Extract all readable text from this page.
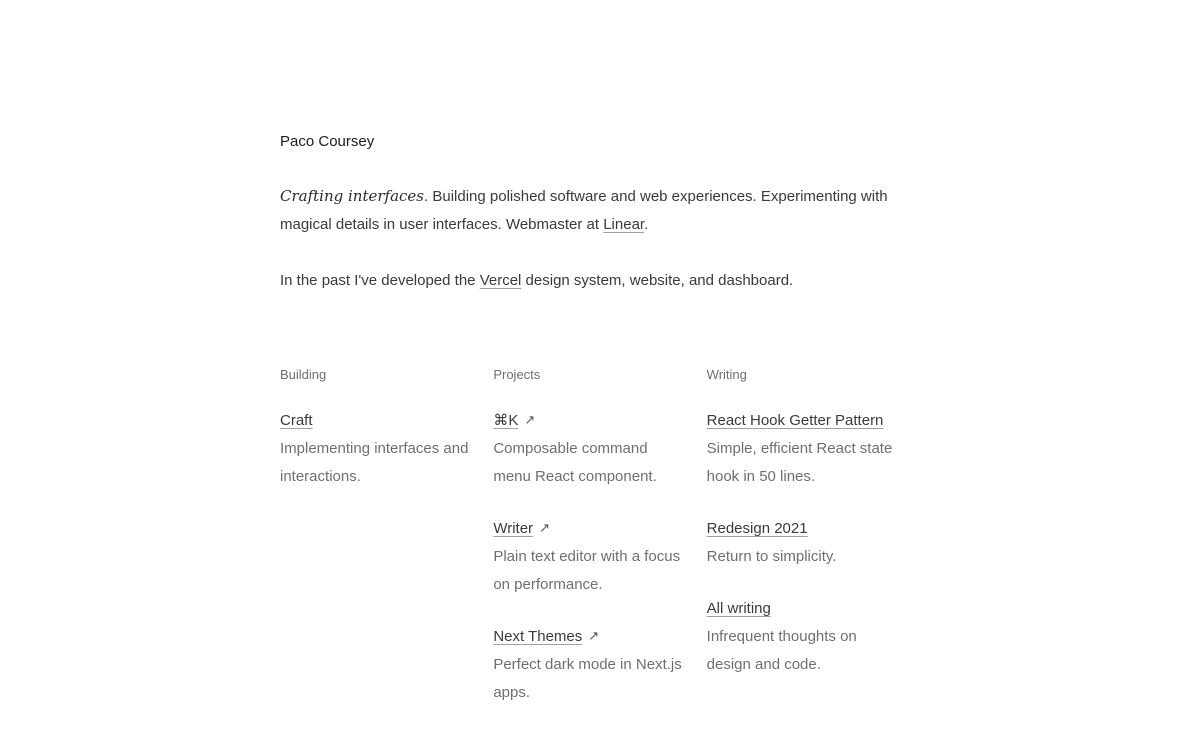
Paco Coursey

Crafting interfaces. Building polished software and web experiences. Experimenting with magical details in user interfaces. Webmaster at Linear.

In the past I've developed the Vercel design system, website, and dashboard.

Building

Craft

Implementing interfaces and interactions.

Projects

⌘K ↗

Composable command menu React component.

Writer ↗

Plain text editor with a focus on performance.

Next Themes ↗

Perfect dark mode in Next.js apps.

Writing

React Hook Getter Pattern

Simple, efficient React state hook in 50 lines.

Redesign 2021

Return to simplicity.

All writing

Infrequent thoughts on design and code.
